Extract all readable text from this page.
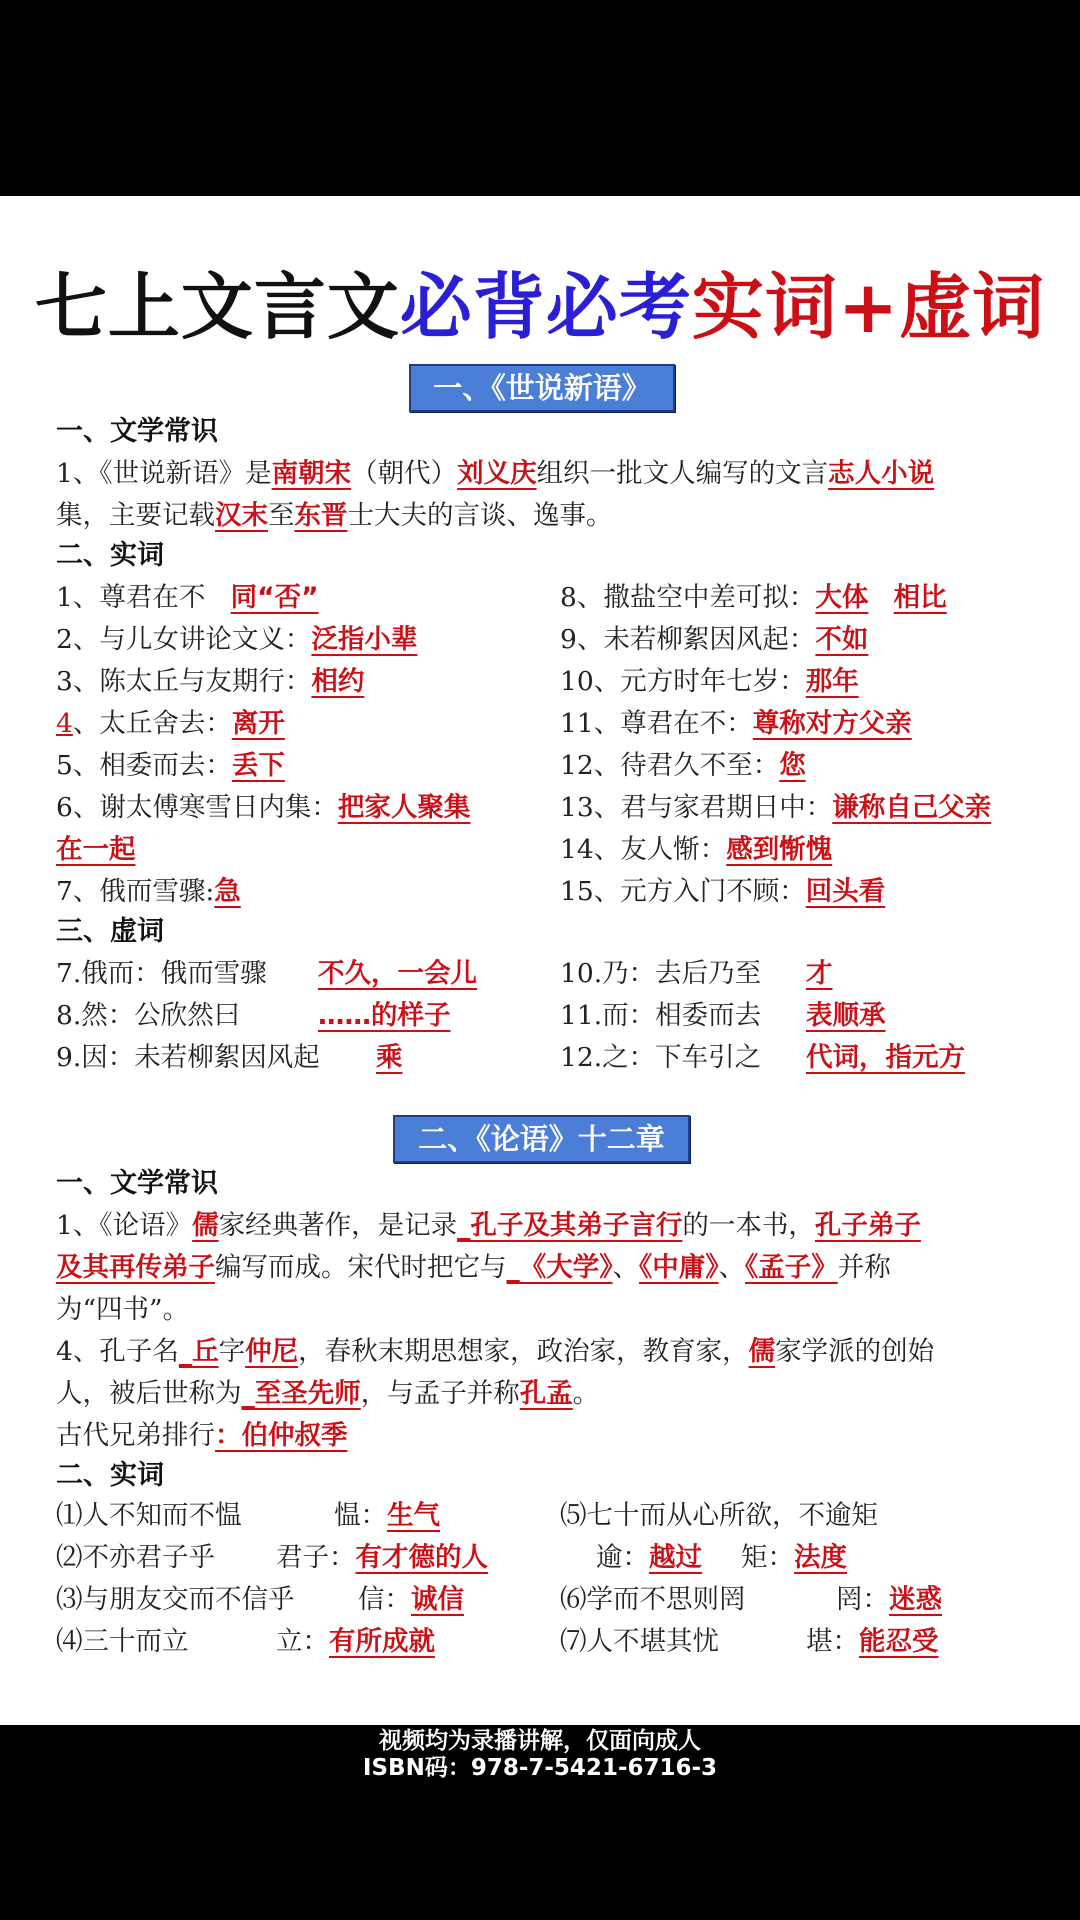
七上文言文必背必考实词+虚词
一、《世说新语》
一、文学常识
1、《世说新语》是南朝宋（朝代）刘义庆组织一批文人编写的文言志人小说
集，主要记载汉末至东晋士大夫的言谈、逸事。
二、实词
1、尊君在不 同“否”
2、与儿女讲论文义：泛指小辈
3、陈太丘与友期行：相约
4、太丘舍去：离开
5、相委而去：丢下
6、谢太傅寒雪日内集：把家人聚集
在一起
7、俄而雪骤:急
8、撒盐空中差可拟：大体 相比
9、未若柳絮因风起：不如
10、元方时年七岁：那年
11、尊君在不：尊称对方父亲
12、待君久不至：您
13、君与家君期日中：谦称自己父亲
14、友人惭：感到惭愧
15、元方入门不顾：回头看
三、虚词
7.俄而：俄而雪骤 不久，一会儿
8.然：公欣然曰	……的样子
9.因：未若柳絮因风起 乘
10.乃：去后乃至 才
11.而：相委而去 表顺承
12.之：下车引之 代词，指元方
二、《论语》十二章
一、文学常识
1、《论语》儒家经典著作，是记录_孔子及其弟子言行的一本书，孔子弟子
及其再传弟子编写而成。宋代时把它与_《大学》、《中庸》、《孟子》并称
为“四书”。
4、孔子名_丘字仲尼，春秋末期思想家，政治家，教育家，儒家学派的创始
人，被后世称为_至圣先师，与孟子并称孔孟。
古代兄弟排行：伯仲叔季
二、实词
⑴人不知而不愠	愠：生气
⑵不亦君子乎 君子：有才德的人
⑶与朋友交而不信乎 信：诚信
⑷三十而立	立：有所成就
⑸七十而从心所欲，不逾矩
逾：越过 矩：法度
⑹学而不思则罔	罔：迷惑
⑺人不堪其忧	堪：能忍受
视频均为录播讲解，仅面向成人
ISBN码：978-7-5421-6716-3
